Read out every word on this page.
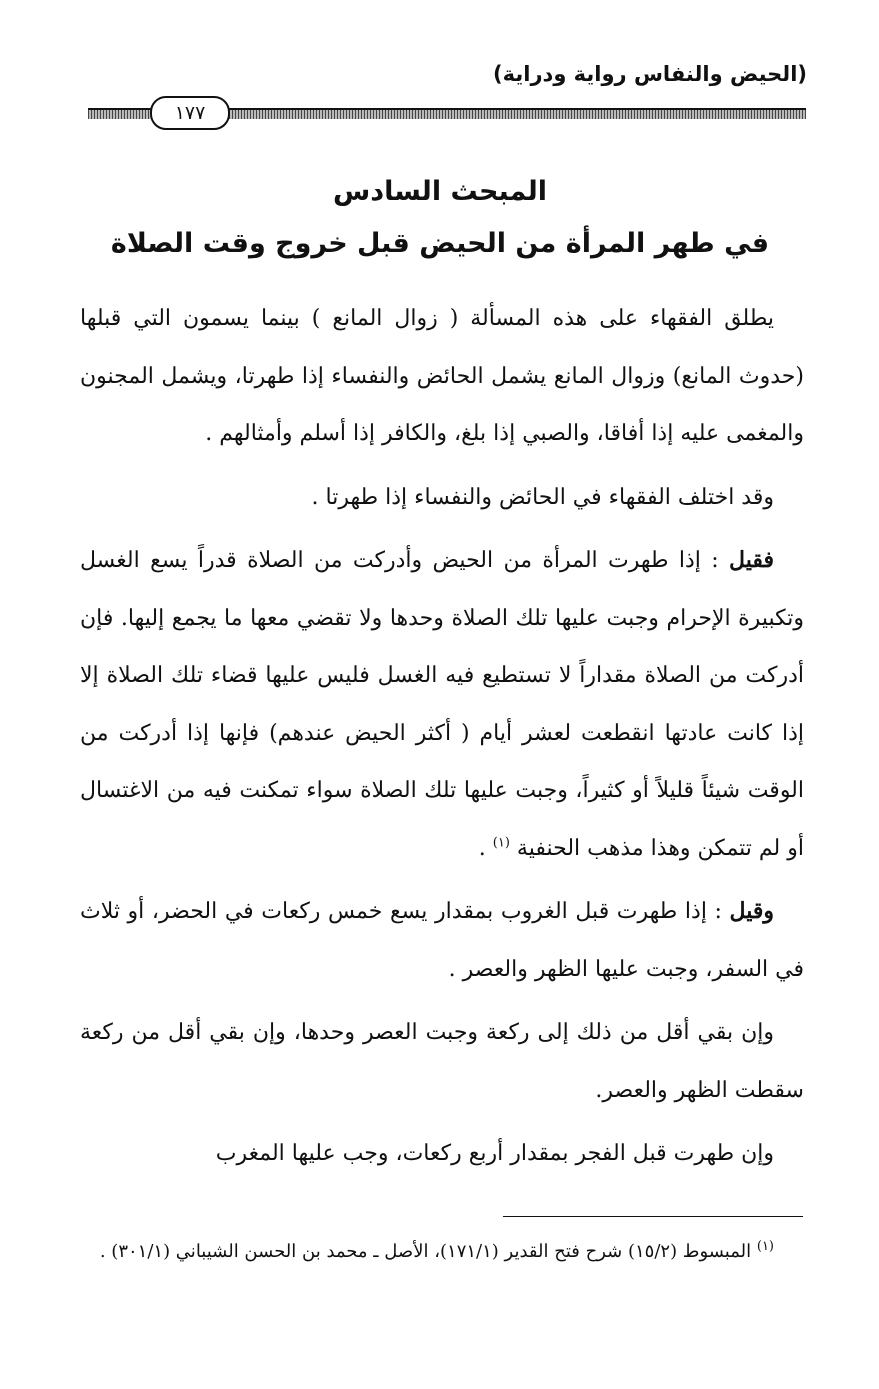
(الحيض والنفاس رواية ودراية)
١٧٧
المبحث السادس
في طهر المرأة من الحيض قبل خروج وقت الصلاة

يطلق الفقهاء على هذه المسألة ( زوال المانع ) بينما يسمون التي قبلها (حدوث المانع) وزوال المانع يشمل الحائض والنفساء إذا طهرتا، ويشمل المجنون والمغمى عليه إذا أفاقا، والصبي إذا بلغ، والكافر إذا أسلم وأمثالهم .

وقد اختلف الفقهاء في الحائض والنفساء إذا طهرتا .

فقيل : إذا طهرت المرأة من الحيض وأدركت من الصلاة قدراً يسع الغسل وتكبيرة الإحرام وجبت عليها تلك الصلاة وحدها ولا تقضي معها ما يجمع إليها. فإن أدركت من الصلاة مقداراً لا تستطيع فيه الغسل فليس عليها قضاء تلك الصلاة إلا إذا كانت عادتها انقطعت لعشر أيام ( أكثر الحيض عندهم) فإنها إذا أدركت من الوقت شيئاً قليلاً أو كثيراً، وجبت عليها تلك الصلاة سواء تمكنت فيه من الاغتسال أو لم تتمكن وهذا مذهب الحنفية $^{(١)}$ .

وقيل : إذا طهرت قبل الغروب بمقدار يسع خمس ركعات في الحضر، أو ثلاث في السفر، وجبت عليها الظهر والعصر .

وإن بقي أقل من ذلك إلى ركعة وجبت العصر وحدها، وإن بقي أقل من ركعة سقطت الظهر والعصر.

وإن طهرت قبل الفجر بمقدار أربع ركعات، وجب عليها المغرب

$^{(١)}$ المبسوط (١٥/٢) شرح فتح القدير (١٧١/١)، الأصل ـ محمد بن الحسن الشيباني (٣٠١/١) .
